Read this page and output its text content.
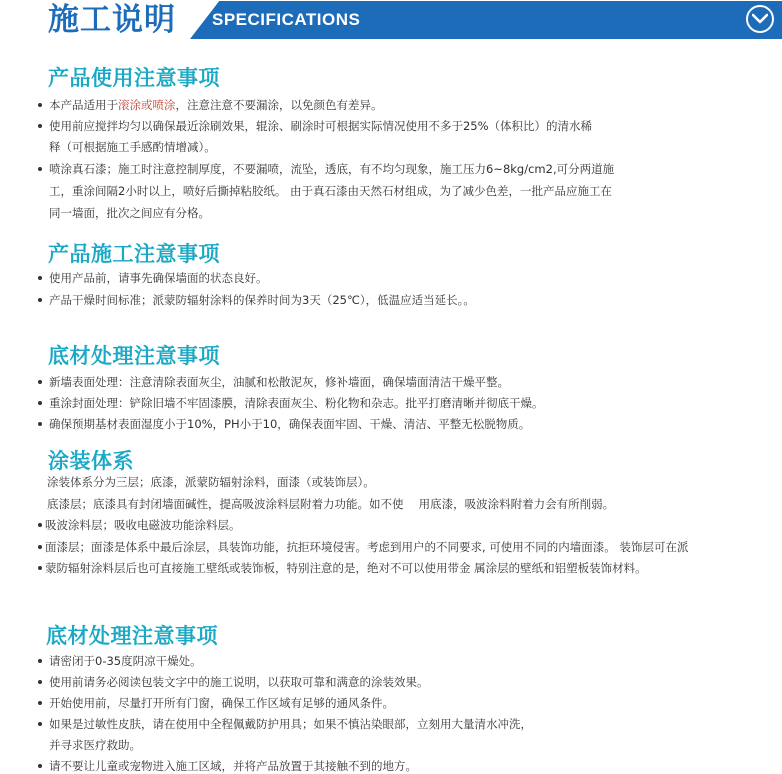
施工说明 SPECIFICATIONS
产品使用注意事项
本产品适用于滚涂或喷涂，注意注意不要漏涂，以免颜色有差异。
使用前应搅拌均匀以确保最近涂刷效果，辊涂、刷涂时可根据实际情况使用不多于25%（体积比）的清水稀
释（可根据施工手感酌情增减）。
喷涂真石漆；施工时注意控制厚度，不要漏喷，流坠，透底，有不均匀现象，施工压力6~8kg/cm2,可分两道施
工，重涂间隔2小时以上，喷好后撕掉粘胶纸。 由于真石漆由天然石材组成，为了减少色差，一批产品应施工在
同一墙面，批次之间应有分格。
产品施工注意事项
使用产品前，请事先确保墙面的状态良好。
产品干燥时间标准；派蒙防辐射涂料的保养时间为3天（25℃），低温应适当延长。。
底材处理注意事项
新墙表面处理：注意清除表面灰尘，油腻和松散泥灰，修补墙面，确保墙面清洁干燥平整。
重涂封面处理：铲除旧墙不牢固漆膜，清除表面灰尘、粉化物和杂志。批平打磨清晰并彻底干燥。
确保预期基材表面湿度小于10%，PH小于10，确保表面牢固、干燥、清洁、平整无松脱物质。
涂装体系
涂装体系分为三层；底漆，派蒙防辐射涂料，面漆（或装饰层）。
底漆层；底漆具有封闭墙面碱性，提高吸波涂料层附着力功能。如不使　 用底漆，吸波涂料附着力会有所削弱。
吸波涂料层；吸收电磁波功能涂料层。
面漆层；面漆是体系中最后涂层，具装饰功能，抗拒环境侵害。考虑到用户的不同要求, 可使用不同的内墙面漆。 装饰层可在派
蒙防辐射涂料层后也可直接施工壁纸或装饰板，特别注意的是，绝对不可以使用带金 属涂层的壁纸和铝塑板装饰材料。
底材处理注意事项
请密闭于0-35度阴凉干燥处。
使用前请务必阅读包装文字中的施工说明，以获取可靠和满意的涂装效果。
开始使用前，尽量打开所有门窗，确保工作区域有足够的通风条件。
如果是过敏性皮肤，请在使用中全程佩戴防护用具；如果不慎沾染眼部，立刻用大量清水冲洗，
并寻求医疗救助。
请不要让儿童或宠物进入施工区域，并将产品放置于其接触不到的地方。
